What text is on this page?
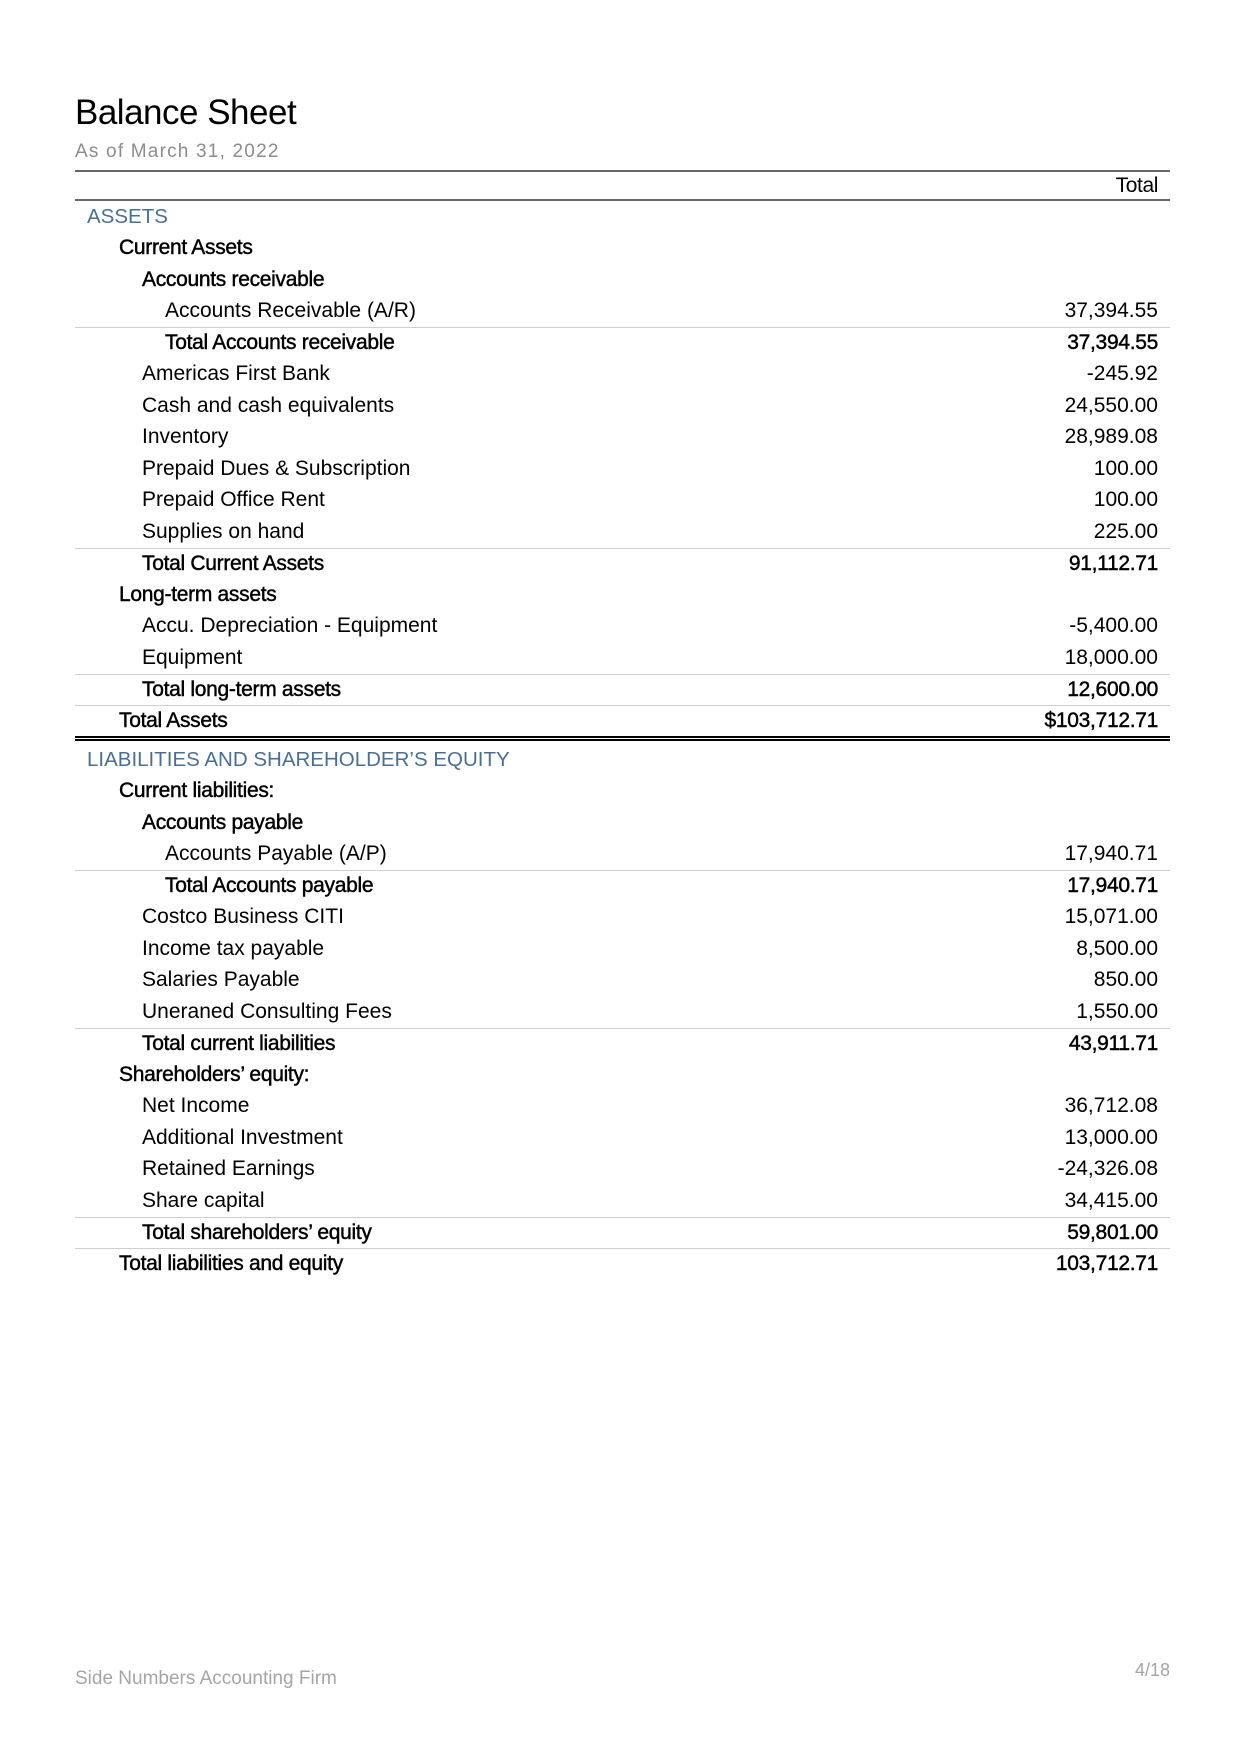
Balance Sheet
As of March 31, 2022
Total
ASSETS
Current Assets
Accounts receivable
Accounts Receivable (A/R)	37,394.55
Total Accounts receivable	37,394.55
Americas First Bank	-245.92
Cash and cash equivalents	24,550.00
Inventory	28,989.08
Prepaid Dues & Subscription	100.00
Prepaid Office Rent	100.00
Supplies on hand	225.00
Total Current Assets	91,112.71
Long-term assets
Accu. Depreciation - Equipment	-5,400.00
Equipment	18,000.00
Total long-term assets	12,600.00
Total Assets	$103,712.71
LIABILITIES AND SHAREHOLDER’S EQUITY
Current liabilities:
Accounts payable
Accounts Payable (A/P)	17,940.71
Total Accounts payable	17,940.71
Costco Business CITI	15,071.00
Income tax payable	8,500.00
Salaries Payable	850.00
Uneraned Consulting Fees	1,550.00
Total current liabilities	43,911.71
Shareholders’ equity:
Net Income	36,712.08
Additional Investment	13,000.00
Retained Earnings	-24,326.08
Share capital	34,415.00
Total shareholders’ equity	59,801.00
Total liabilities and equity	103,712.71
Side Numbers Accounting Firm	4/18
